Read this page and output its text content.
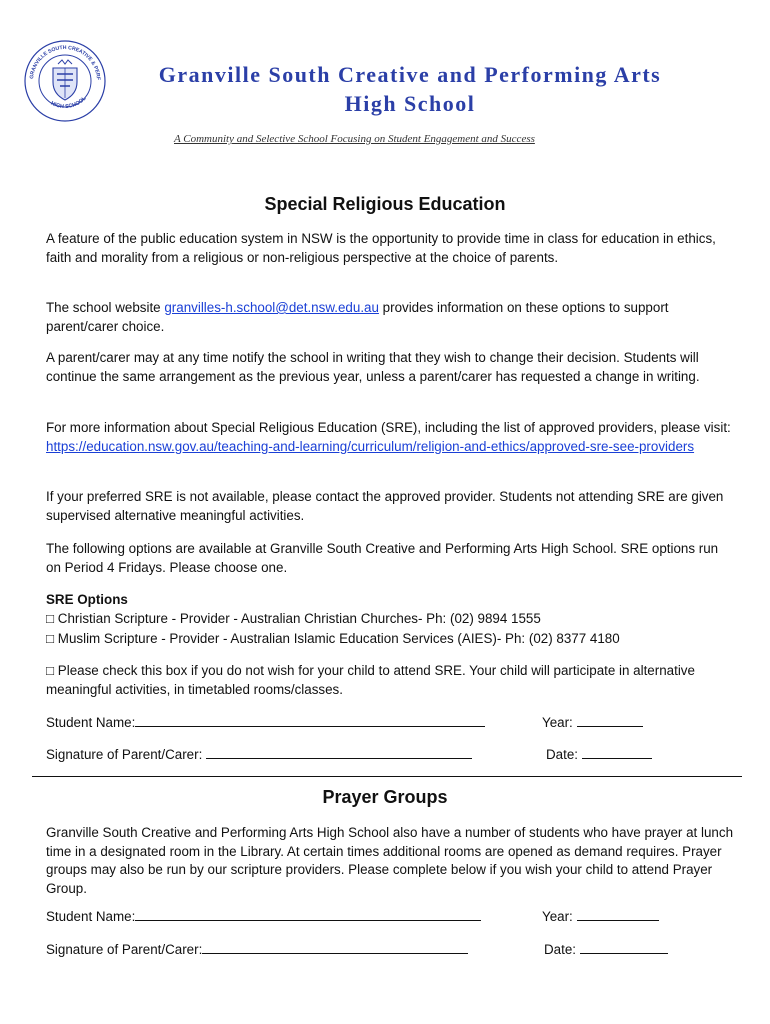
GRANVILLE SOUTH CREATIVE & PERF
HIGH SCHOOL
Granville South Creative and Performing Arts
High School
A Community and Selective School Focusing on Student Engagement and Success
Special Religious Education
A feature of the public education system in NSW is the opportunity to provide time in class for education in ethics, faith and morality from a religious or non-religious perspective at the choice of parents.
The school website granvilles-h.school@det.nsw.edu.au provides information on these options to support parent/carer choice.
A parent/carer may at any time notify the school in writing that they wish to change their decision. Students will continue the same arrangement as the previous year, unless a parent/carer has requested a change in writing.
For more information about Special Religious Education (SRE), including the list of approved providers, please visit: https://education.nsw.gov.au/teaching-and-learning/curriculum/religion-and-ethics/approved-sre-see-providers
If your preferred SRE is not available, please contact the approved provider. Students not attending SRE are given supervised alternative meaningful activities.
The following options are available at Granville South Creative and Performing Arts High School. SRE options run on Period 4 Fridays. Please choose one.
SRE Options
□ Christian Scripture - Provider - Australian Christian Churches- Ph: (02) 9894 1555
□ Muslim Scripture - Provider - Australian Islamic Education Services (AIES)- Ph: (02) 8377 4180
□ Please check this box if you do not wish for your child to attend SRE. Your child will participate in alternative meaningful activities, in timetabled rooms/classes.
Student Name:	Year:
Signature of Parent/Carer:	Date:
Prayer Groups
Granville South Creative and Performing Arts High School also have a number of students who have prayer at lunch time in a designated room in the Library. At certain times additional rooms are opened as demand requires. Prayer groups may also be run by our scripture providers. Please complete below if you wish your child to attend Prayer Group.
Student Name:	Year:
Signature of Parent/Carer:	Date:
